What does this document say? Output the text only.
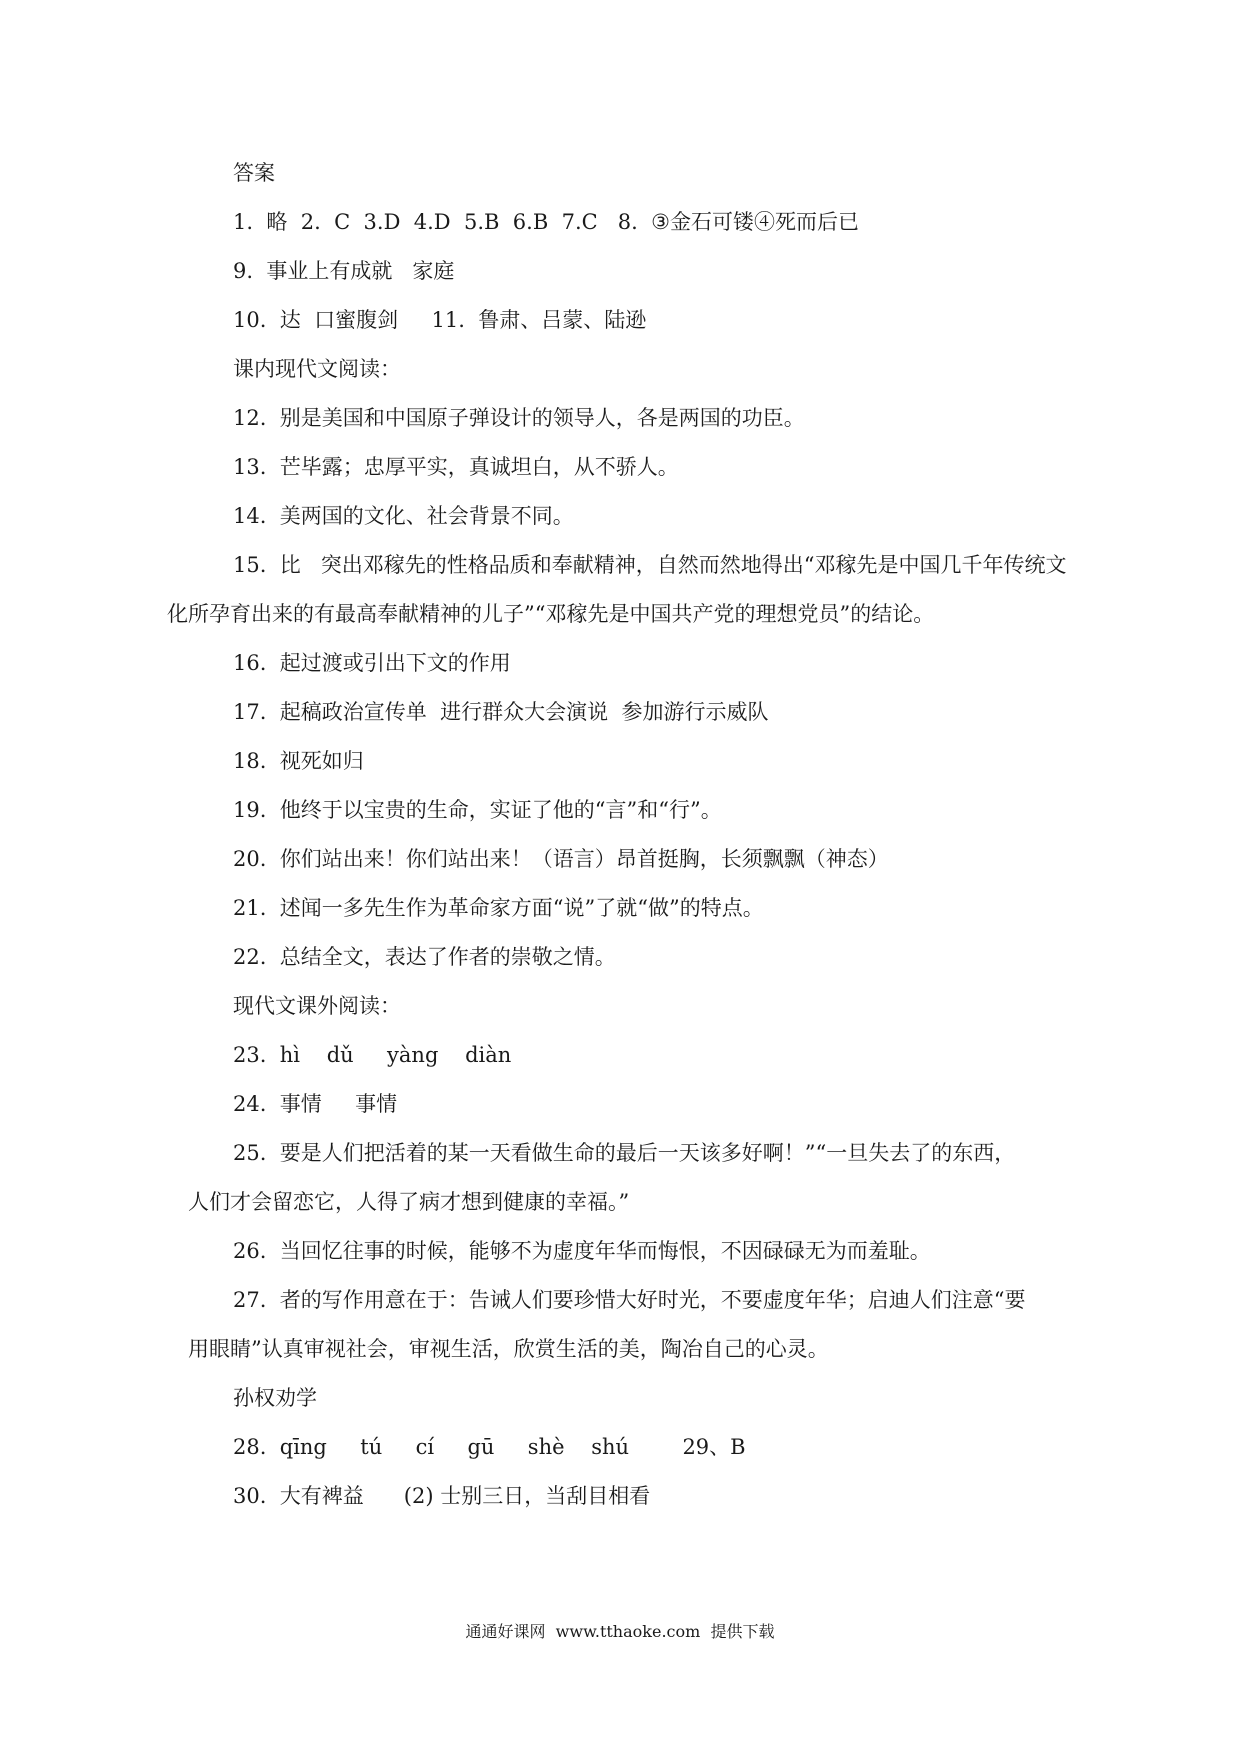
答案
1.  略  2.  C  3.D  4.D  5.B  6.B  7.C   8.  ③金石可镂④死而后已
9.  事业上有成就   家庭
10.  达  口蜜腹剑     11.  鲁肃、吕蒙、陆逊
课内现代文阅读：
12.  别是美国和中国原子弹设计的领导人，各是两国的功臣。
13.  芒毕露；忠厚平实，真诚坦白，从不骄人。
14.  美两国的文化、社会背景不同。
15.  比   突出邓稼先的性格品质和奉献精神，自然而然地得出“邓稼先是中国几千年传统文
化所孕育出来的有最高奉献精神的儿子”“邓稼先是中国共产党的理想党员”的结论。
16.  起过渡或引出下文的作用
17.  起稿政治宣传单  进行群众大会演说  参加游行示威队
18.  视死如归
19.  他终于以宝贵的生命，实证了他的“言”和“行”。
20.  你们站出来！你们站出来！（语言）昂首挺胸，长须飘飘（神态）
21.  述闻一多先生作为革命家方面“说”了就“做”的特点。
22.  总结全文，表达了作者的崇敬之情。
现代文课外阅读：
23.  hì    dǔ     yàng    diàn
24.  事情     事情
25.  要是人们把活着的某一天看做生命的最后一天该多好啊！”“一旦失去了的东西，
人们才会留恋它，人得了病才想到健康的幸福。”
26.  当回忆往事的时候，能够不为虚度年华而悔恨，不因碌碌无为而羞耻。
27.  者的写作用意在于：告诫人们要珍惜大好时光，不要虚度年华；启迪人们注意“要
用眼睛”认真审视社会，审视生活，欣赏生活的美，陶冶自己的心灵。
孙权劝学
28.  qīng     tú     cí     gū     shè    shú        29、B
30.  大有裨益      (2) 士别三日，当刮目相看
通通好课网  www.tthaoke.com  提供下载
